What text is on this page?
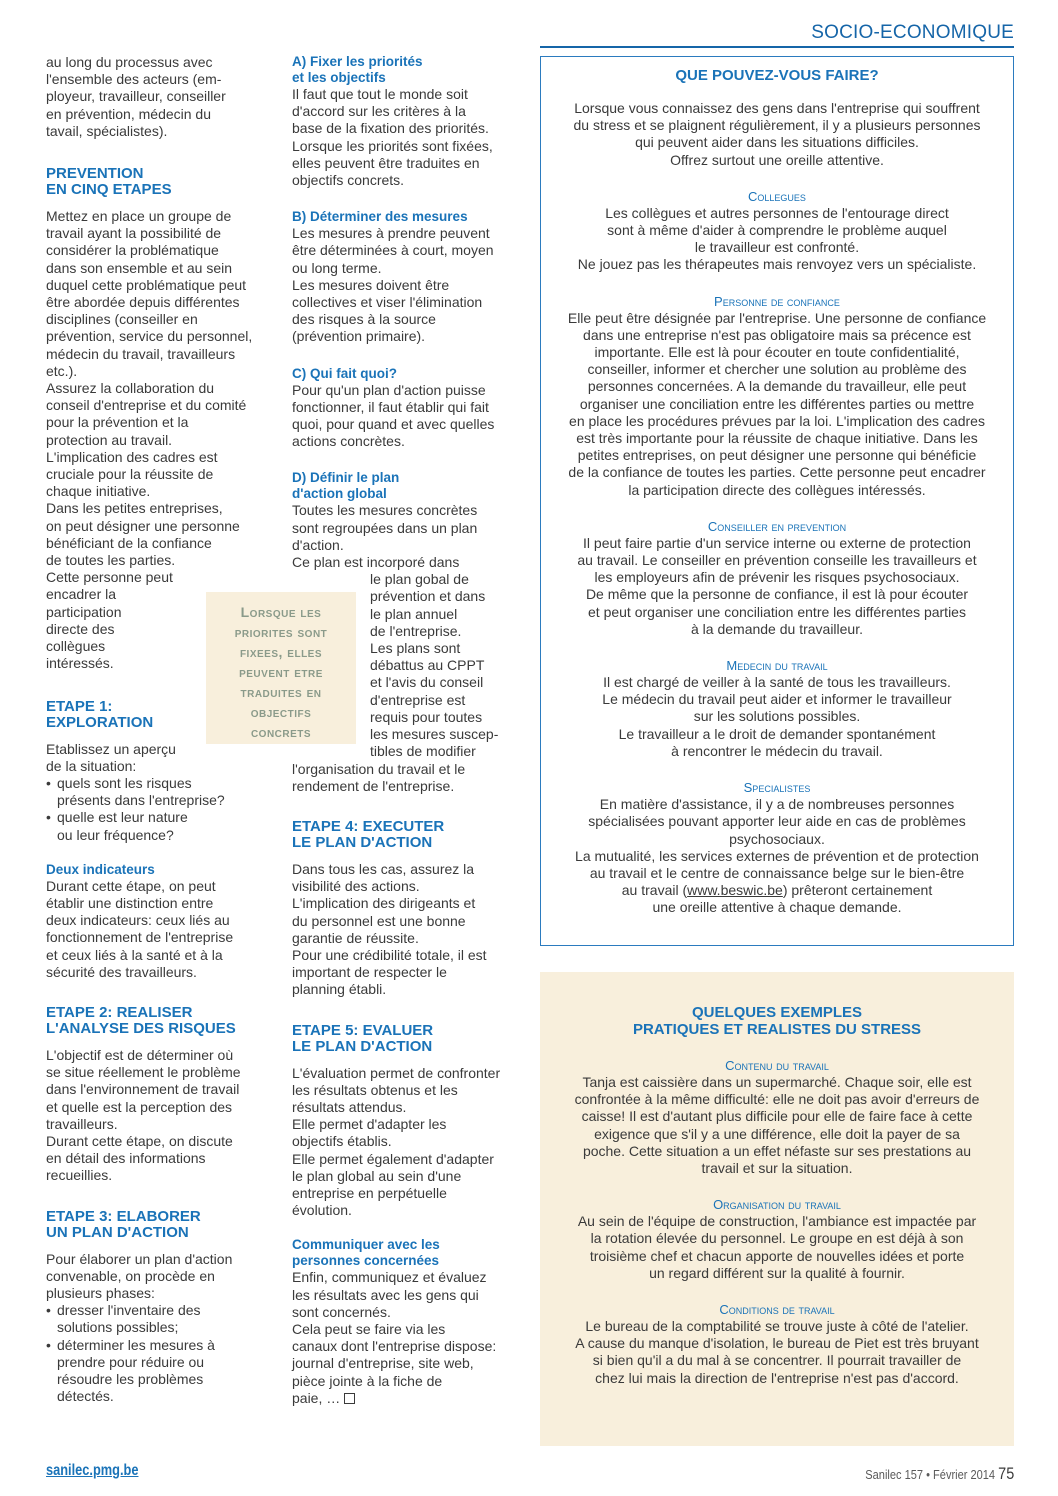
SOCIO-ECONOMIQUE
au long du processus avec
l'ensemble des acteurs (em-
ployeur, travailleur, conseiller
en prévention, médecin du
tavail, spécialistes).
PREVENTION
EN CINQ ETAPES
Mettez en place un groupe de
travail ayant la possibilité de
considérer la problématique
dans son ensemble et au sein
duquel cette problématique peut
être abordée depuis différentes
disciplines (conseiller en
prévention, service du personnel,
médecin du travail, travailleurs
etc.).
Assurez la collaboration du
conseil d'entreprise et du comité
pour la prévention et la
protection au travail.
L'implication des cadres est
cruciale pour la réussite de
chaque initiative.
Dans les petites entreprises,
on peut désigner une personne
bénéficiant de la confiance
de toutes les parties.
Cette personne peut
encadrer la
participation
directe des
collègues
intéressés.
ETAPE 1:
EXPLORATION
Etablissez un aperçu
de la situation:
• quels sont les risques
présents dans l'entreprise?
• quelle est leur nature
ou leur fréquence?
Deux indicateurs
Durant cette étape, on peut
établir une distinction entre
deux indicateurs: ceux liés au
fonctionnement de l'entreprise
et ceux liés à la santé et à la
sécurité des travailleurs.
ETAPE 2: REALISER
L'ANALYSE DES RISQUES
L'objectif est de déterminer où
se situe réellement le problème
dans l'environnement de travail
et quelle est la perception des
travailleurs.
Durant cette étape, on discute
en détail des informations
recueillies.
ETAPE 3: ELABORER
UN PLAN D'ACTION
Pour élaborer un plan d'action
convenable, on procède en
plusieurs phases:
• dresser l'inventaire des
solutions possibles;
• déterminer les mesures à
prendre pour réduire ou
résoudre les problèmes
détectés.
Lorsque les
priorites sont
fixees, elles
peuvent etre
traduites en
objectifs
concrets
A) Fixer les priorités
et les objectifs
Il faut que tout le monde soit
d'accord sur les critères à la
base de la fixation des priorités.
Lorsque les priorités sont fixées,
elles peuvent être traduites en
objectifs concrets.
B) Déterminer des mesures
Les mesures à prendre peuvent
être déterminées à court, moyen
ou long terme.
Les mesures doivent être
collectives et viser l'élimination
des risques à la source
(prévention primaire).
C) Qui fait quoi?
Pour qu'un plan d'action puisse
fonctionner, il faut établir qui fait
quoi, pour quand et avec quelles
actions concrètes.
D) Définir le plan
d'action global
Toutes les mesures concrètes
sont regroupées dans un plan
d'action.
Ce plan est incorporé dans
le plan gobal de
prévention et dans
le plan annuel
de l'entreprise.
Les plans sont
débattus au CPPT
et l'avis du conseil
d'entreprise est
requis pour toutes
les mesures suscep-
tibles de modifier
l'organisation du travail et le
rendement de l'entreprise.
ETAPE 4: EXECUTER
LE PLAN D'ACTION
Dans tous les cas, assurez la
visibilité des actions.
L'implication des dirigeants et
du personnel est une bonne
garantie de réussite.
Pour une crédibilité totale, il est
important de respecter le
planning établi.
ETAPE 5: EVALUER
LE PLAN D'ACTION
L'évaluation permet de confronter
les résultats obtenus et les
résultats attendus.
Elle permet d'adapter les
objectifs établis.
Elle permet également d'adapter
le plan global au sein d'une
entreprise en perpétuelle
évolution.
Communiquer avec les
personnes concernées
Enfin, communiquez et évaluez
les résultats avec les gens qui
sont concernés.
Cela peut se faire via les
canaux dont l'entreprise dispose:
journal d'entreprise, site web,
pièce jointe à la fiche de
paie, …
QUE POUVEZ-VOUS FAIRE?
Lorsque vous connaissez des gens dans l'entreprise qui souffrent
du stress et se plaignent régulièrement, il y a plusieurs personnes
qui peuvent aider dans les situations difficiles.
Offrez surtout une oreille attentive.
Collegues
Les collègues et autres personnes de l'entourage direct
sont à même d'aider à comprendre le problème auquel
le travailleur est confronté.
Ne jouez pas les thérapeutes mais renvoyez vers un spécialiste.
Personne de confiance
Elle peut être désignée par l'entreprise. Une personne de confiance
dans une entreprise n'est pas obligatoire mais sa précence est
importante. Elle est là pour écouter en toute confidentialité,
conseiller, informer et chercher une solution au problème des
personnes concernées. A la demande du travailleur, elle peut
organiser une conciliation entre les différentes parties ou mettre
en place les procédures prévues par la loi. L'implication des cadres
est très importante pour la réussite de chaque initiative. Dans les
petites entreprises, on peut désigner une personne qui bénéficie
de la confiance de toutes les parties. Cette personne peut encadrer
la participation directe des collègues intéressés.
Conseiller en prevention
Il peut faire partie d'un service interne ou externe de protection
au travail. Le conseiller en prévention conseille les travailleurs et
les employeurs afin de prévenir les risques psychosociaux.
De même que la personne de confiance, il est là pour écouter
et peut organiser une conciliation entre les différentes parties
à la demande du travailleur.
Medecin du travail
Il est chargé de veiller à la santé de tous les travailleurs.
Le médecin du travail peut aider et informer le travailleur
sur les solutions possibles.
Le travailleur a le droit de demander spontanément
à rencontrer le médecin du travail.
Specialistes
En matière d'assistance, il y a de nombreuses personnes
spécialisées pouvant apporter leur aide en cas de problèmes
psychosociaux.
La mutualité, les services externes de prévention et de protection
au travail et le centre de connaissance belge sur le bien-être
au travail (www.beswic.be) prêteront certainement
une oreille attentive à chaque demande.
QUELQUES EXEMPLES
PRATIQUES ET REALISTES DU STRESS
Contenu du travail
Tanja est caissière dans un supermarché. Chaque soir, elle est
confrontée à la même difficulté: elle ne doit pas avoir d'erreurs de
caisse! Il est d'autant plus difficile pour elle de faire face à cette
exigence que s'il y a une différence, elle doit la payer de sa
poche. Cette situation a un effet néfaste sur ses prestations au
travail et sur la situation.
Organisation du travail
Au sein de l'équipe de construction, l'ambiance est impactée par
la rotation élevée du personnel. Le groupe en est déjà à son
troisième chef et chacun apporte de nouvelles idées et porte
un regard différent sur la qualité à fournir.
Conditions de travail
Le bureau de la comptabilité se trouve juste à côté de l'atelier.
A cause du manque d'isolation, le bureau de Piet est très bruyant
si bien qu'il a du mal à se concentrer. Il pourrait travailler de
chez lui mais la direction de l'entreprise n'est pas d'accord.
sanilec.pmg.be	Sanilec 157 • Février 2014 75
